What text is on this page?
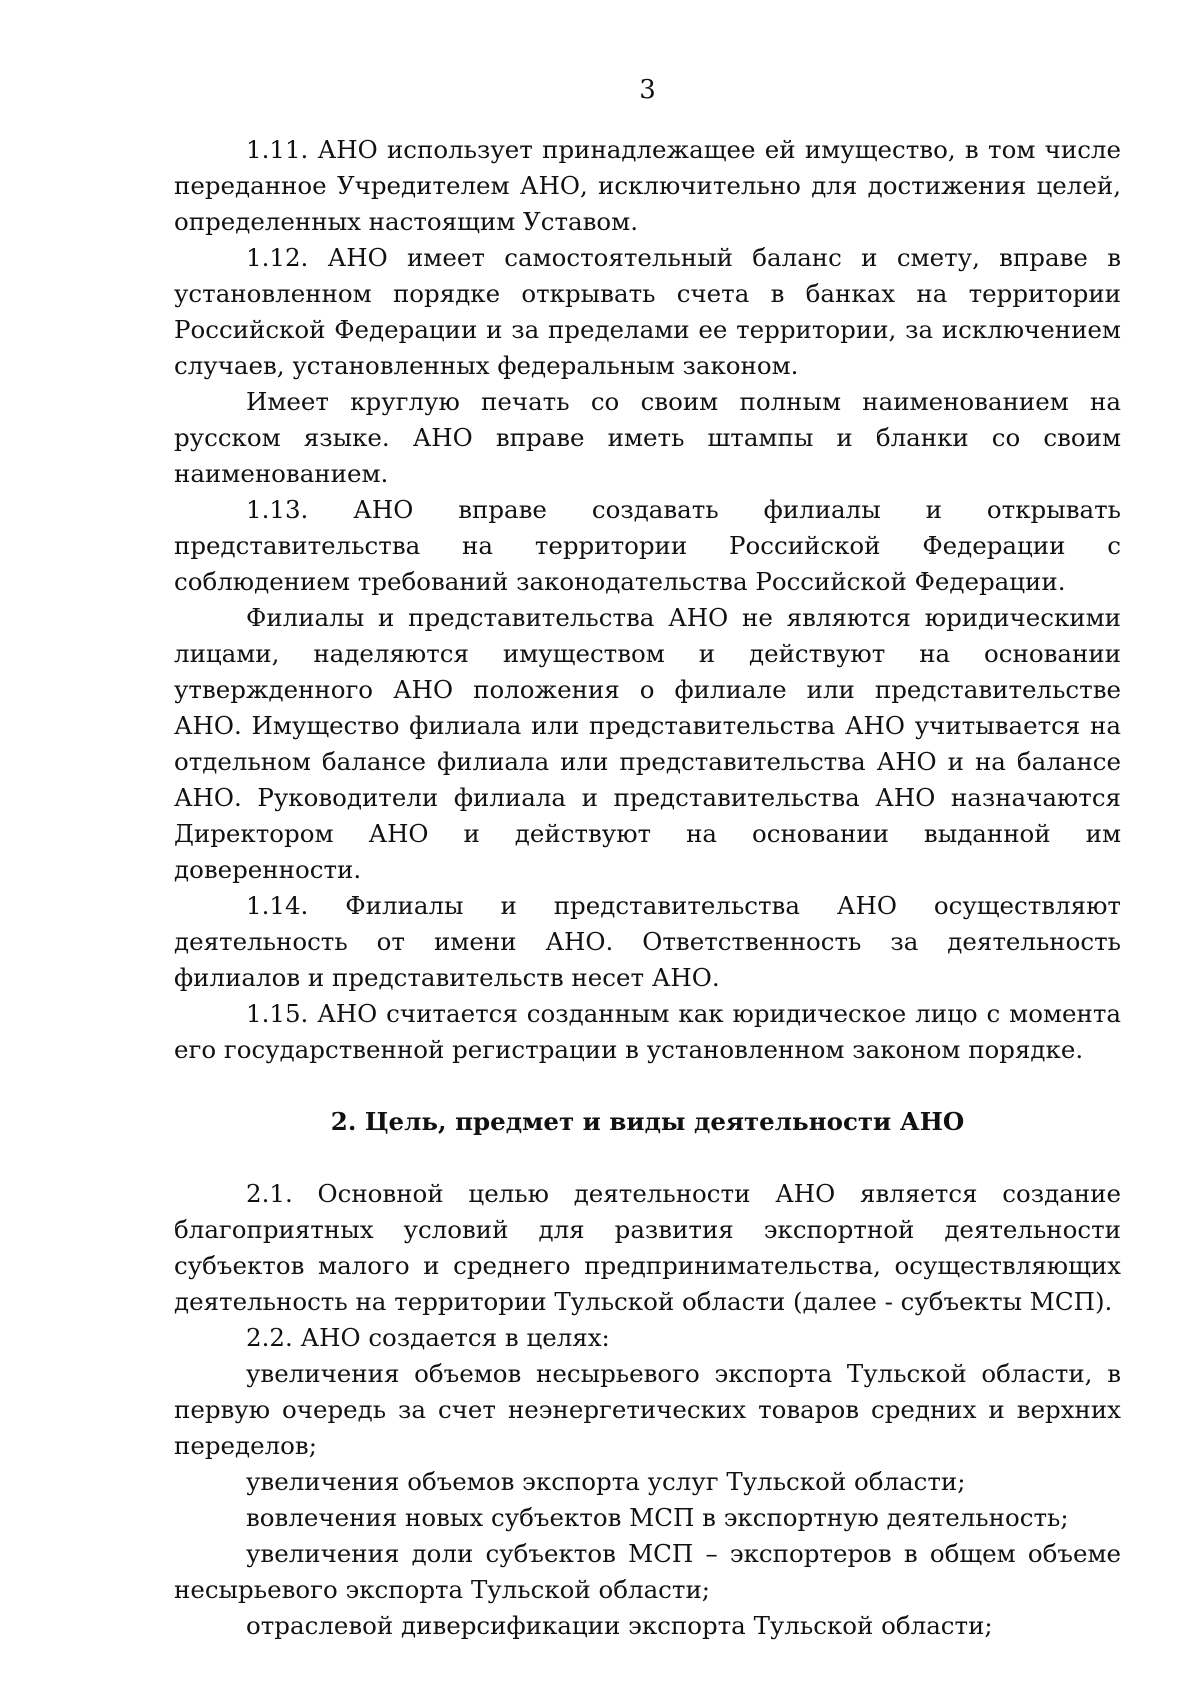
3

1.11. АНО использует принадлежащее ей имущество, в том числе переданное Учредителем АНО, исключительно для достижения целей, определенных настоящим Уставом.

1.12. АНО имеет самостоятельный баланс и смету, вправе в установленном порядке открывать счета в банках на территории Российской Федерации и за пределами ее территории, за исключением случаев, установленных федеральным законом.

Имеет круглую печать со своим полным наименованием на русском языке. АНО вправе иметь штампы и бланки со своим наименованием.

1.13. АНО вправе создавать филиалы и открывать представительства на территории Российской Федерации с соблюдением требований законодательства Российской Федерации.

Филиалы и представительства АНО не являются юридическими лицами, наделяются имуществом и действуют на основании утвержденного АНО положения о филиале или представительстве АНО. Имущество филиала или представительства АНО учитывается на отдельном балансе филиала или представительства АНО и на балансе АНО. Руководители филиала и представительства АНО назначаются Директором АНО и действуют на основании выданной им доверенности.

1.14. Филиалы и представительства АНО осуществляют деятельность от имени АНО. Ответственность за деятельность филиалов и представительств несет АНО.

1.15. АНО считается созданным как юридическое лицо с момента его государственной регистрации в установленном законом порядке.

2. Цель, предмет и виды деятельности АНО

2.1. Основной целью деятельности АНО является создание благоприятных условий для развития экспортной деятельности субъектов малого и среднего предпринимательства, осуществляющих деятельность на территории Тульской области (далее - субъекты МСП).

2.2. АНО создается в целях:

увеличения объемов несырьевого экспорта Тульской области, в первую очередь за счет неэнергетических товаров средних и верхних переделов;

увеличения объемов экспорта услуг Тульской области;

вовлечения новых субъектов МСП в экспортную деятельность;

увеличения доли субъектов МСП – экспортеров в общем объеме несырьевого экспорта Тульской области;

отраслевой диверсификации экспорта Тульской области;
